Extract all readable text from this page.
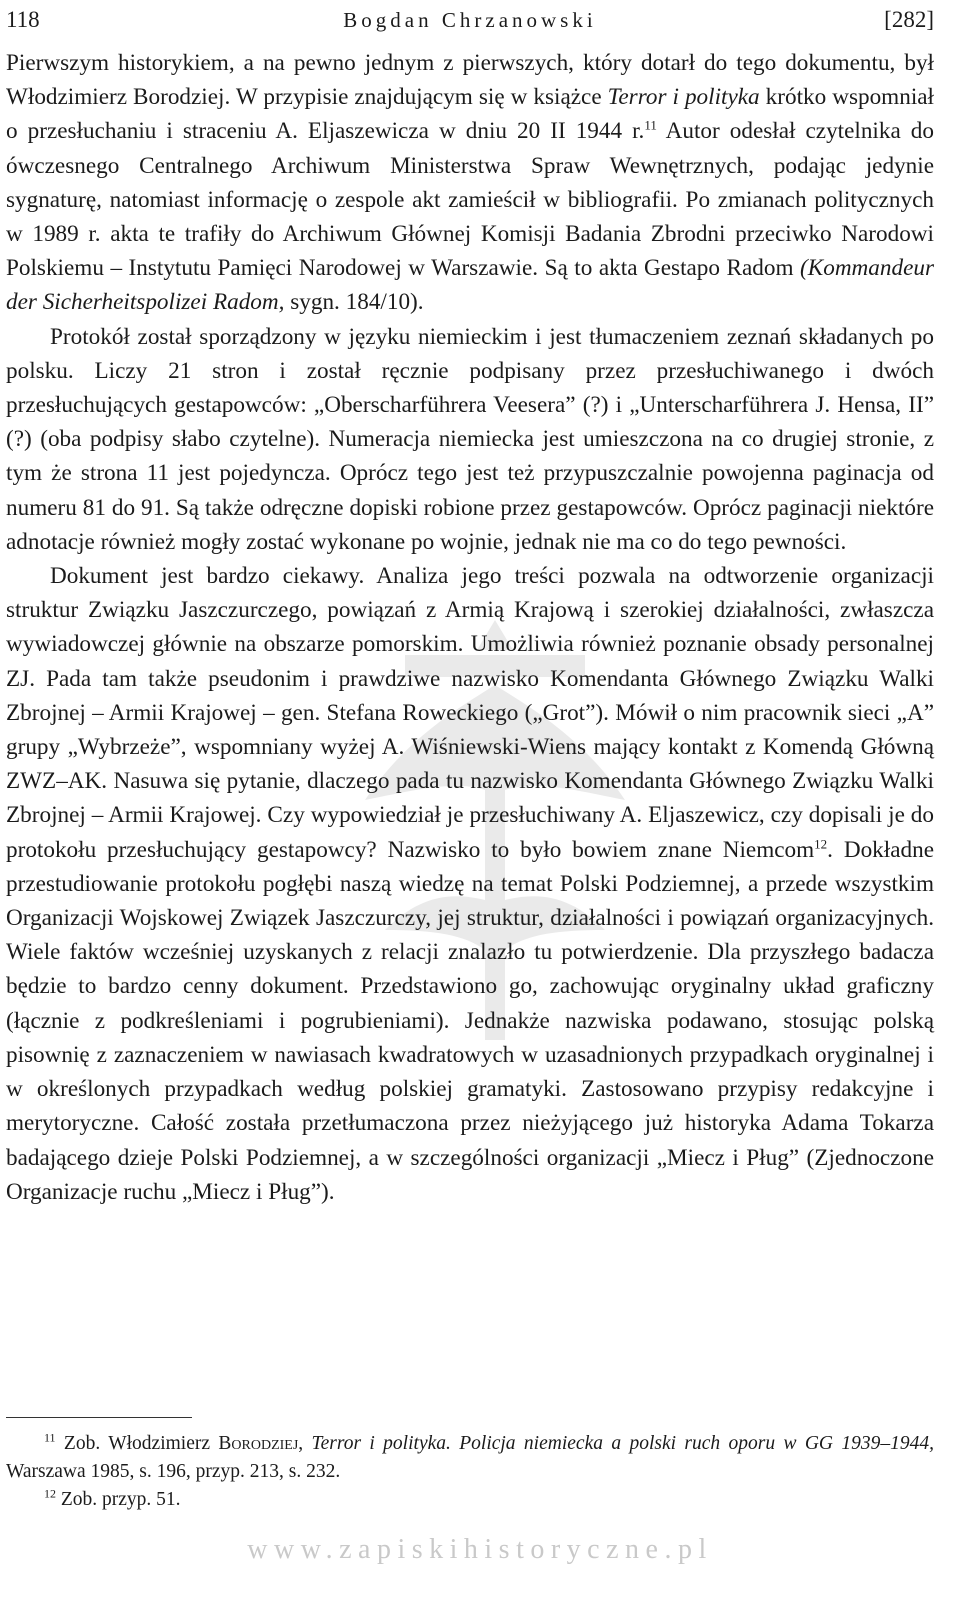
118	Bogdan Chrzanowski	[282]

Pierwszym historykiem, a na pewno jednym z pierwszych, który dotarł do tego dokumentu, był Włodzimierz Borodziej. W przypisie znajdującym się w książce Terror i polityka krótko wspomniał o przesłuchaniu i straceniu A. Eljaszewicza w dniu 20 II 1944 r.$^{11}$ Autor odesłał czytelnika do ówczesnego Centralnego Archiwum Ministerstwa Spraw Wewnętrznych, podając jedynie sygnaturę, natomiast informację o zespole akt zamieścił w bibliografii. Po zmianach politycznych w 1989 r. akta te trafiły do Archiwum Głównej Komisji Badania Zbrodni przeciwko Narodowi Polskiemu – Instytutu Pamięci Narodowej w Warszawie. Są to akta Gestapo Radom (Kommandeur der Sicherheitspolizei Radom, sygn. 184/10).

Protokół został sporządzony w języku niemieckim i jest tłumaczeniem zeznań składanych po polsku. Liczy 21 stron i został ręcznie podpisany przez przesłuchiwanego i dwóch przesłuchujących gestapowców: „Oberscharführera Veesera” (?) i „Unterscharführera J. Hensa, II” (?) (oba podpisy słabo czytelne). Numeracja niemiecka jest umieszczona na co drugiej stronie, z tym że strona 11 jest pojedyncza. Oprócz tego jest też przypuszczalnie powojenna paginacja od numeru 81 do 91. Są także odręczne dopiski robione przez gestapowców. Oprócz paginacji niektóre adnotacje również mogły zostać wykonane po wojnie, jednak nie ma co do tego pewności.

Dokument jest bardzo ciekawy. Analiza jego treści pozwala na odtworzenie organizacji struktur Związku Jaszczurczego, powiązań z Armią Krajową i szerokiej działalności, zwłaszcza wywiadowczej głównie na obszarze pomorskim. Umożliwia również poznanie obsady personalnej ZJ. Pada tam także pseudonim i prawdziwe nazwisko Komendanta Głównego Związku Walki Zbrojnej – Armii Krajowej – gen. Stefana Roweckiego („Grot”). Mówił o nim pracownik sieci „A” grupy „Wybrzeże”, wspomniany wyżej A. Wiśniewski-Wiens mający kontakt z Komendą Główną ZWZ–AK. Nasuwa się pytanie, dlaczego pada tu nazwisko Komendanta Głównego Związku Walki Zbrojnej – Armii Krajowej. Czy wypowiedział je przesłuchiwany A. Eljaszewicz, czy dopisali je do protokołu przesłuchujący gestapowcy? Nazwisko to było bowiem znane Niemcom$^{12}$. Dokładne przestudiowanie protokołu pogłębi naszą wiedzę na temat Polski Podziemnej, a przede wszystkim Organizacji Wojskowej Związek Jaszczurczy, jej struktur, działalności i powiązań organizacyjnych. Wiele faktów wcześniej uzyskanych z relacji znalazło tu potwierdzenie. Dla przyszłego badacza będzie to bardzo cenny dokument. Przedstawiono go, zachowując oryginalny układ graficzny (łącznie z podkreśleniami i pogrubieniami). Jednakże nazwiska podawano, stosując polską pisownię z zaznaczeniem w nawiasach kwadratowych w uzasadnionych przypadkach oryginalnej i w określonych przypadkach według polskiej gramatyki. Zastosowano przypisy redakcyjne i merytoryczne. Całość została przetłumaczona przez nieżyjącego już historyka Adama Tokarza badającego dzieje Polski Podziemnej, a w szczególności organizacji „Miecz i Pług” (Zjednoczone Organizacje ruchu „Miecz i Pług”).

$^{11}$ Zob. Włodzimierz Borodziej, Terror i polityka. Policja niemiecka a polski ruch oporu w GG 1939–1944, Warszawa 1985, s. 196, przyp. 213, s. 232.

$^{12}$ Zob. przyp. 51.

www.zapiskihistoryczne.pl
